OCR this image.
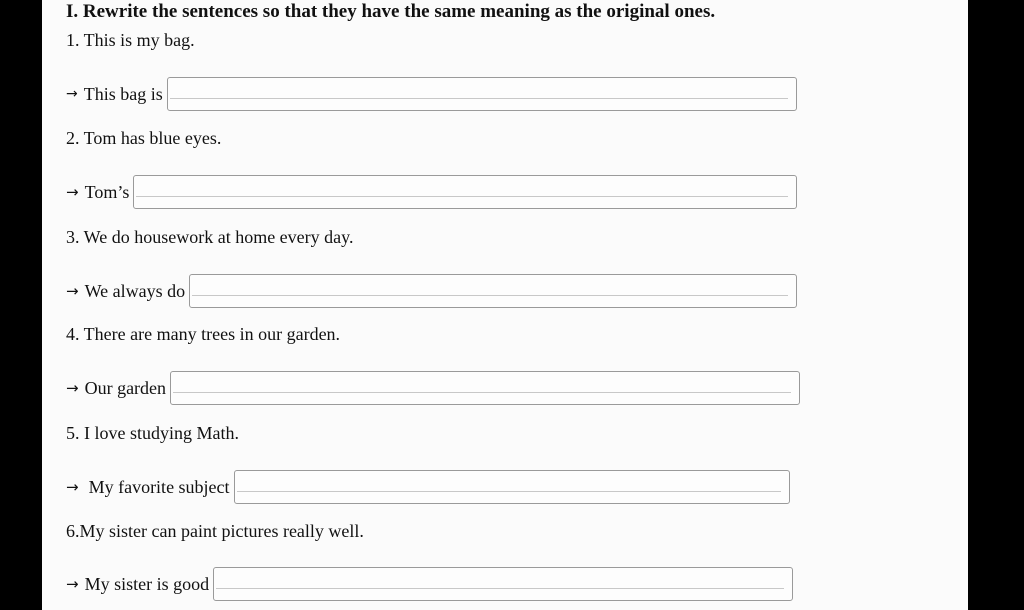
I. Rewrite the sentences so that they have the same meaning as the original ones.
1. This is my bag.
→ This bag is
2. Tom has blue eyes.
→ Tom’s
3. We do housework at home every day.
→ We always do
4. There are many trees in our garden.
→ Our garden
5. I love studying Math.
→ My favorite subject
6.My sister can paint pictures really well.
→ My sister is good
